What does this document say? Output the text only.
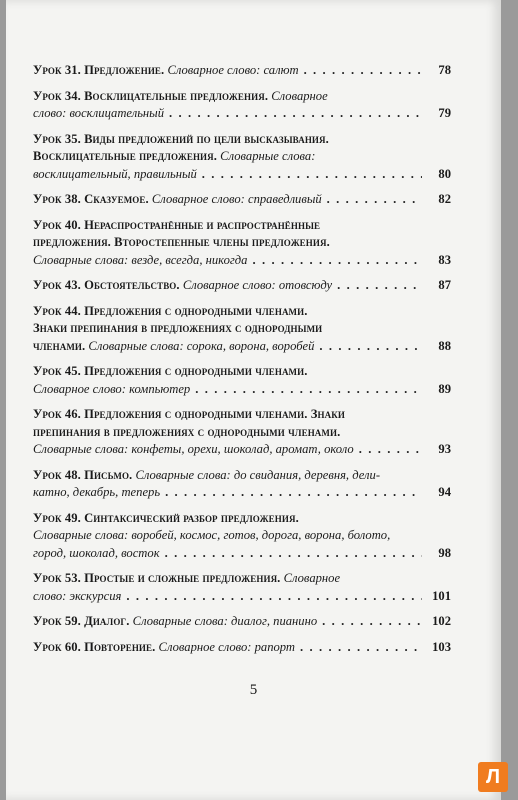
Урок 31. Предложение. Словарное слово: салют . . .	78
Урок 34. Восклицательные предложения. Словарное
слово: восклицательный . . .	79
Урок 35. Виды предложений по цели высказывания.
Восклицательные предложения. Словарные слова:
восклицательный, правильный . . .	80
Урок 38. Сказуемое. Словарное слово: справедливый . . .	82
Урок 40. Нераспространённые и распространённые
предложения. Второстепенные члены предложения.
Словарные слова: везде, всегда, никогда . . .	83
Урок 43. Обстоятельство. Словарное слово: отовсюду . . .	87
Урок 44. Предложения с однородными членами.
Знаки препинания в предложениях с однородными
членами. Словарные слова: сорока, ворона, воробей . . .	88
Урок 45. Предложения с однородными членами.
Словарное слово: компьютер . . .	89
Урок 46. Предложения с однородными членами. Знаки
препинания в предложениях с однородными членами.
Словарные слова: конфеты, орехи, шоколад, аромат, около . . .	93
Урок 48. Письмо. Словарные слова: до свидания, деревня, дели-
катно, декабрь, теперь . . .	94
Урок 49. Синтаксический разбор предложения.
Словарные слова: воробей, космос, готов, дорога, ворона, болото,
город, шоколад, восток . . .	98
Урок 53. Простые и сложные предложения. Словарное
слово: экскурсия . . .	101
Урок 59. Диалог. Словарные слова: диалог, пианино . . .	102
Урок 60. Повторение. Словарное слово: рапорт . . .	103
5
Л
